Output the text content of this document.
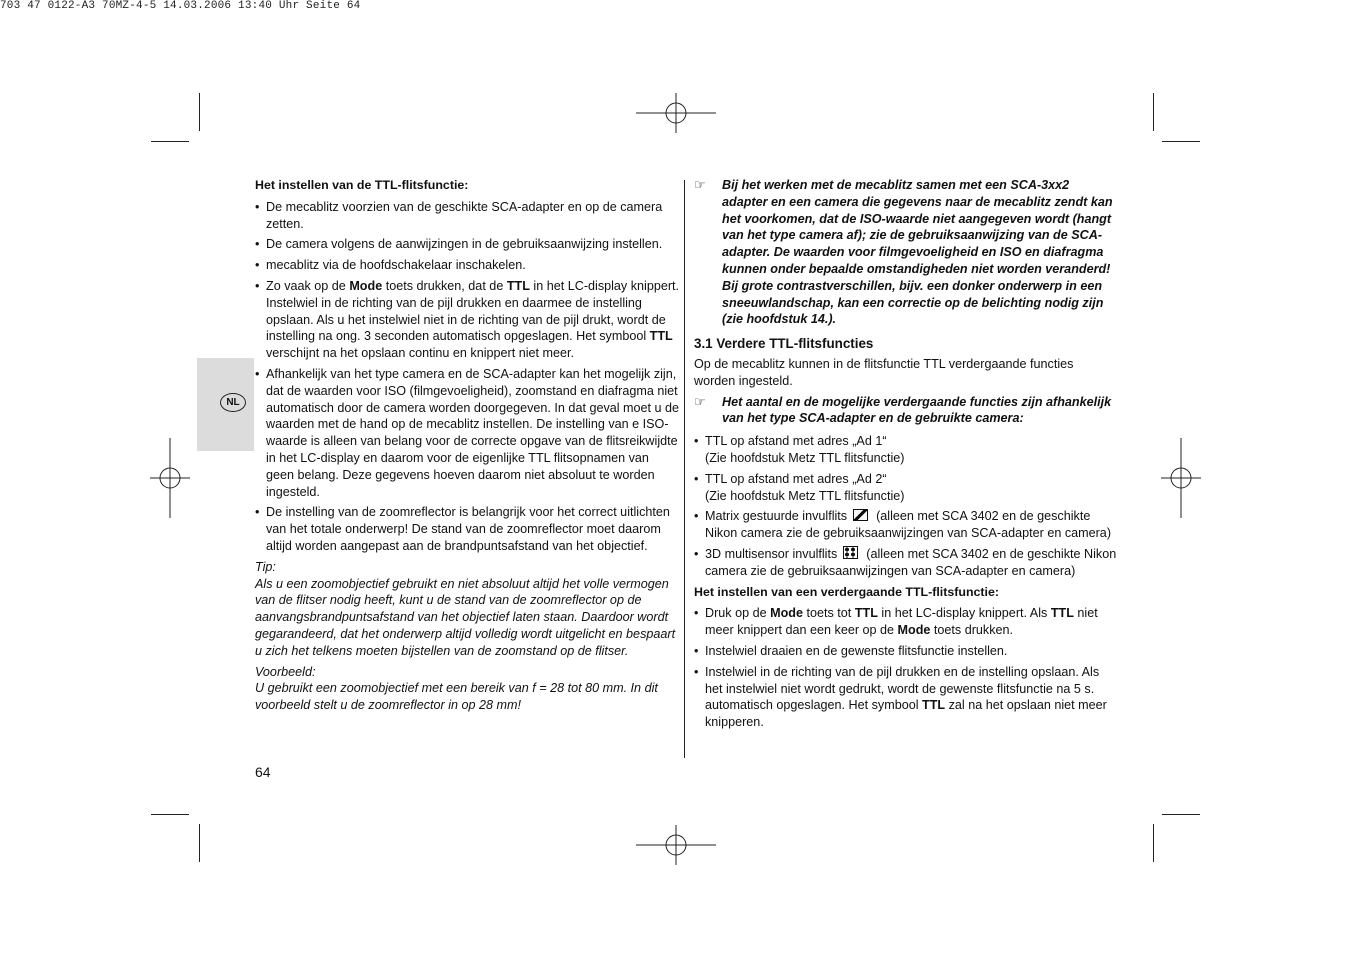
703 47 0122-A3 70MZ-4-5 14.03.2006 13:40 Uhr Seite 64
NL
Het instellen van de TTL-flitsfunctie:
• De mecablitz voorzien van de geschikte SCA-adapter en op de camera zetten.
• De camera volgens de aanwijzingen in de gebruiksaanwijzing instellen.
• mecablitz via de hoofdschakelaar inschakelen.
• Zo vaak op de Mode toets drukken, dat de TTL in het LC-display knippert. Instelwiel in de richting van de pijl drukken en daarmee de instelling opslaan. Als u het instelwiel niet in de richting van de pijl drukt, wordt de instelling na ong. 3 seconden automatisch opgeslagen. Het symbool TTL verschijnt na het opslaan continu en knippert niet meer.
• Afhankelijk van het type camera en de SCA-adapter kan het mogelijk zijn, dat de waarden voor ISO (filmgevoeligheid), zoomstand en diafragma niet automatisch door de camera worden doorgegeven. In dat geval moet u de waarden met de hand op de mecablitz instellen. De instelling van e ISO-waarde is alleen van belang voor de correcte opgave van de flitsreikwijdte in het LC-display en daarom voor de eigenlijke TTL flitsopnamen van geen belang. Deze gegevens hoeven daarom niet absoluut te worden ingesteld.
• De instelling van de zoomreflector is belangrijk voor het correct uitlichten van het totale onderwerp! De stand van de zoomreflector moet daarom altijd worden aangepast aan de brandpuntsafstand van het objectief.
Tip:
Als u een zoomobjectief gebruikt en niet absoluut altijd het volle vermogen van de flitser nodig heeft, kunt u de stand van de zoomreflector op de aanvangsbrandpuntsafstand van het objectief laten staan. Daardoor wordt gegarandeerd, dat het onderwerp altijd volledig wordt uitgelicht en bespaart u zich het telkens moeten bijstellen van de zoomstand op de flitser.
Voorbeeld:
U gebruikt een zoomobjectief met een bereik van f = 28 tot 80 mm. In dit voorbeeld stelt u de zoomreflector in op 28 mm!
☞ Bij het werken met de mecablitz samen met een SCA-3xx2 adapter en een camera die gegevens naar de mecablitz zendt kan het voorkomen, dat de ISO-waarde niet aangegeven wordt (hangt van het type camera af); zie de gebruiksaanwijzing van de SCA-adapter. De waarden voor filmgevoeligheid en ISO en diafragma kunnen onder bepaalde omstandigheden niet worden veranderd! Bij grote contrastverschillen, bijv. een donker onderwerp in een sneeuwlandschap, kan een correctie op de belichting nodig zijn (zie hoofdstuk 14.).
3.1 Verdere TTL-flitsfuncties
Op de mecablitz kunnen in de flitsfunctie TTL verdergaande functies worden ingesteld.
☞ Het aantal en de mogelijke verdergaande functies zijn afhankelijk van het type SCA-adapter en de gebruikte camera:
• TTL op afstand met adres „Ad 1“
(Zie hoofdstuk Metz TTL flitsfunctie)
• TTL op afstand met adres „Ad 2“
(Zie hoofdstuk Metz TTL flitsfunctie)
• Matrix gestuurde invulflits (alleen met SCA 3402 en de geschikte Nikon camera zie de gebruiksaanwijzingen van SCA-adapter en camera)
• 3D multisensor invulflits (alleen met SCA 3402 en de geschikte Nikon camera zie de gebruiksaanwijzingen van SCA-adapter en camera)
Het instellen van een verdergaande TTL-flitsfunctie:
• Druk op de Mode toets tot TTL in het LC-display knippert. Als TTL niet meer knippert dan een keer op de Mode toets drukken.
• Instelwiel draaien en de gewenste flitsfunctie instellen.
• Instelwiel in de richting van de pijl drukken en de instelling opslaan. Als het instelwiel niet wordt gedrukt, wordt de gewenste flitsfunctie na 5 s. automatisch opgeslagen. Het symbool TTL zal na het opslaan niet meer knipperen.
64
